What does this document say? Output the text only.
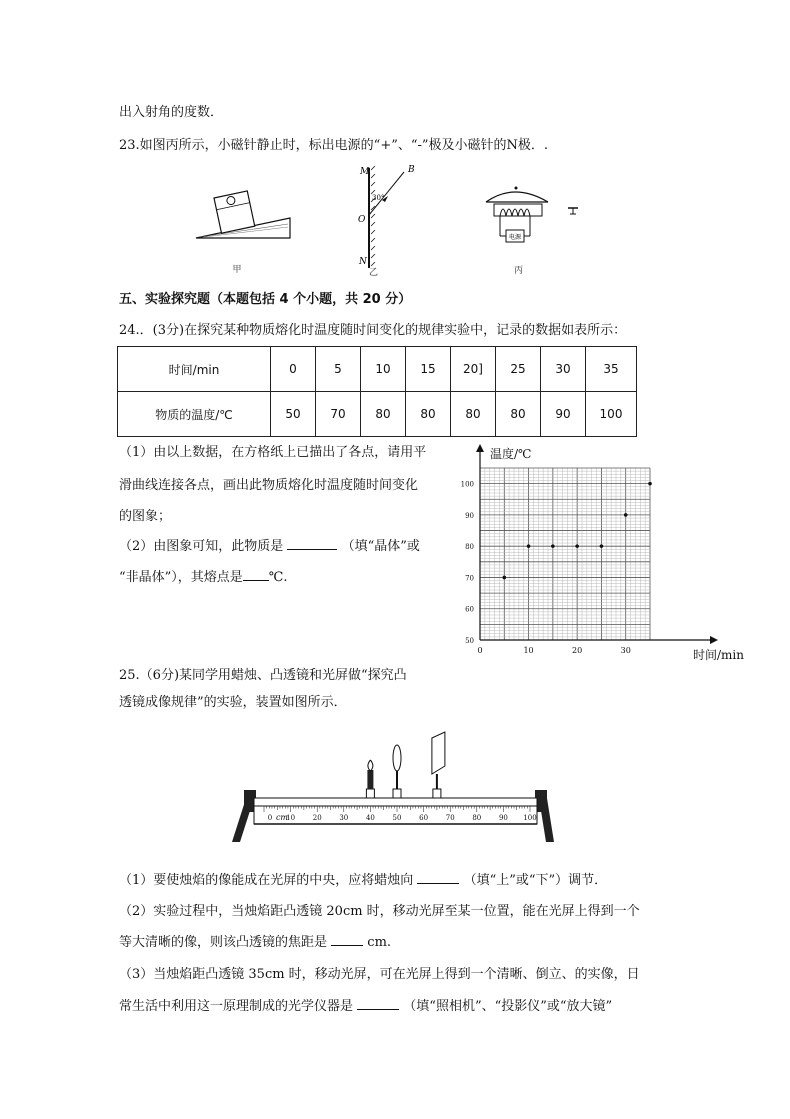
出入射角的度数．
23.如图丙所示，小磁针静止时，标出电源的“+”、“-”极及小磁针的N极．.
甲
M	B
30°
O
N
乙
电源
丙
五、实验探究题（本题包括 4 个小题，共 20 分）
24.．(3分)在探究某种物质熔化时温度随时间变化的规律实验中，记录的数据如表所示：
时间/min	0	5	10	15	20]	25	30	35
物质的温度/℃	50	70	80	80	80	80	90	100
（1）由以上数据，在方格纸上已描出了各点，请用平
滑曲线连接各点，画出此物质熔化时温度随时间变化
的图象；
（2）由图象可知，此物质是	（填“晶体”或
“非晶体”），其熔点是 ℃.
温度/℃
时间/min
0	10	20	30
50
60
70
80
90
100
25.（6分)某同学用蜡烛、凸透镜和光屏做“探究凸
透镜成像规律”的实验，装置如图所示．
0 10	20	30	40	50	60	70	80	90 100
cm
（1）要使烛焰的像能成在光屏的中央，应将蜡烛向	（填“上”或“下”）调节．
（2）实验过程中，当烛焰距凸透镜 20cm 时，移动光屏至某一位置，能在光屏上得到一个
等大清晰的像，则该凸透镜的焦距是	cm.
（3）当烛焰距凸透镜 35cm 时，移动光屏，可在光屏上得到一个清晰、倒立、的实像，日
常生活中利用这一原理制成的光学仪器是	（填“照相机”、“投影仪”或“放大镜”
